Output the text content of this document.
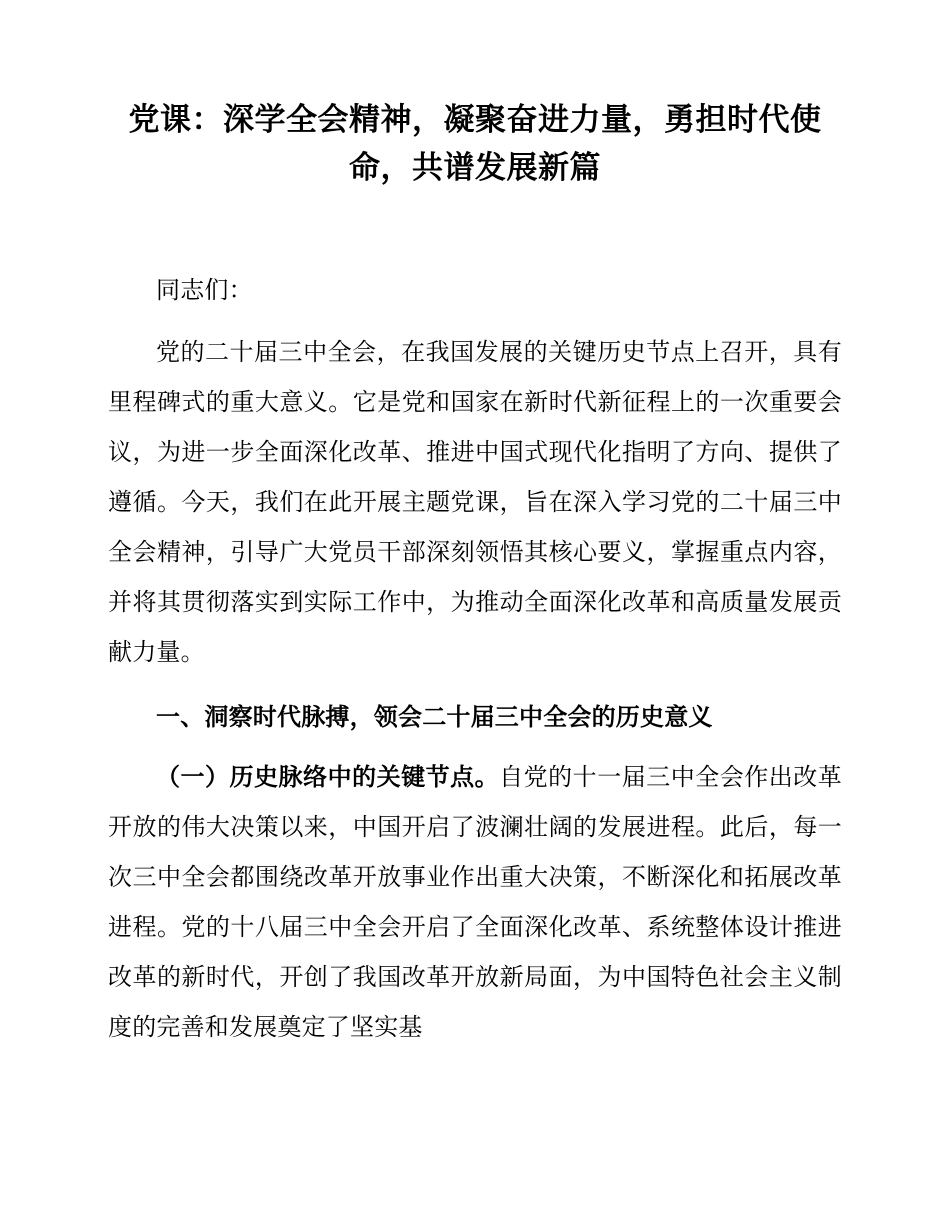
党课：深学全会精神，凝聚奋进力量，勇担时代使命，共谱发展新篇

同志们：

党的二十届三中全会，在我国发展的关键历史节点上召开，具有里程碑式的重大意义。它是党和国家在新时代新征程上的一次重要会议，为进一步全面深化改革、推进中国式现代化指明了方向、提供了遵循。今天，我们在此开展主题党课，旨在深入学习党的二十届三中全会精神，引导广大党员干部深刻领悟其核心要义，掌握重点内容，并将其贯彻落实到实际工作中，为推动全面深化改革和高质量发展贡献力量。

一、洞察时代脉搏，领会二十届三中全会的历史意义

（一）历史脉络中的关键节点。自党的十一届三中全会作出改革开放的伟大决策以来，中国开启了波澜壮阔的发展进程。此后，每一次三中全会都围绕改革开放事业作出重大决策，不断深化和拓展改革进程。党的十八届三中全会开启了全面深化改革、系统整体设计推进改革的新时代，开创了我国改革开放新局面，为中国特色社会主义制度的完善和发展奠定了坚实基
